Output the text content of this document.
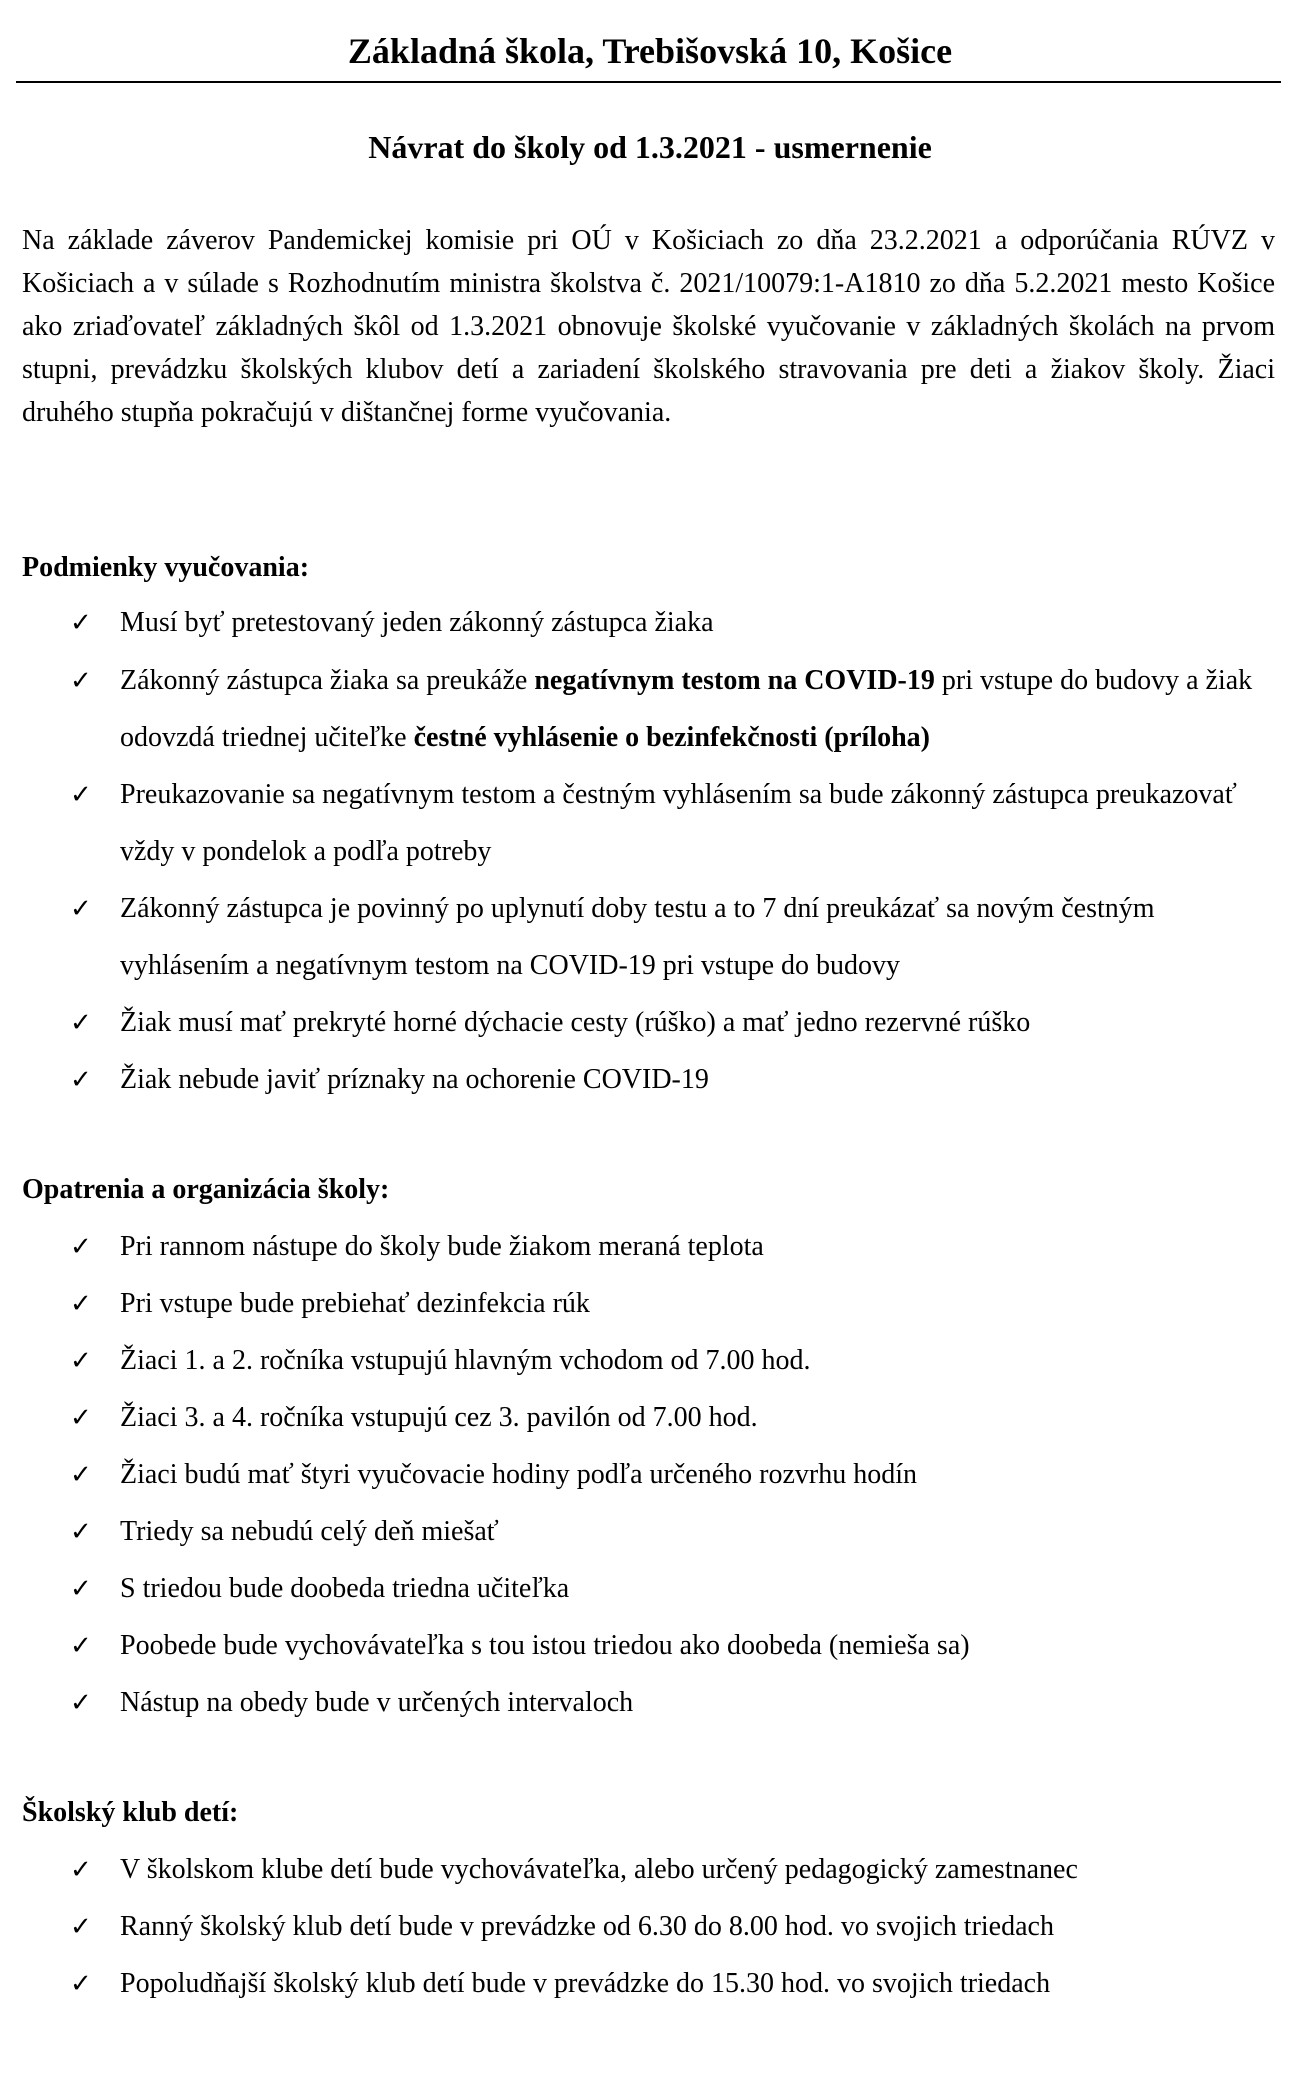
Základná škola, Trebišovská 10, Košice
Návrat do školy od 1.3.2021 - usmernenie
Na základe záverov Pandemickej komisie pri OÚ v Košiciach zo dňa 23.2.2021 a odporúčania RÚVZ v Košiciach a v súlade s Rozhodnutím ministra školstva č. 2021/10079:1-A1810 zo dňa 5.2.2021 mesto Košice ako zriaďovateľ základných škôl od 1.3.2021 obnovuje školské vyučovanie v základných školách na prvom stupni, prevádzku školských klubov detí a zariadení školského stravovania pre deti a žiakov školy. Žiaci druhého stupňa pokračujú v dištančnej forme vyučovania.
Podmienky vyučovania:
✓ Musí byť pretestovaný jeden zákonný zástupca žiaka
✓ Zákonný zástupca žiaka sa preukáže negatívnym testom na COVID-19 pri vstupe do budovy a žiak odovzdá triednej učiteľke čestné vyhlásenie o bezinfekčnosti (príloha)
✓ Preukazovanie sa negatívnym testom a čestným vyhlásením sa bude zákonný zástupca preukazovať vždy v pondelok a podľa potreby
✓ Zákonný zástupca je povinný po uplynutí doby testu a to 7 dní preukázať sa novým čestným vyhlásením a negatívnym testom na COVID-19 pri vstupe do budovy
✓ Žiak musí mať prekryté horné dýchacie cesty (rúško) a mať jedno rezervné rúško
✓ Žiak nebude javiť príznaky na ochorenie COVID-19
Opatrenia a organizácia školy:
✓ Pri rannom nástupe do školy bude žiakom meraná teplota
✓ Pri vstupe bude prebiehať dezinfekcia rúk
✓ Žiaci 1. a 2. ročníka vstupujú hlavným vchodom od 7.00 hod.
✓ Žiaci 3. a 4. ročníka vstupujú cez 3. pavilón od 7.00 hod.
✓ Žiaci budú mať štyri vyučovacie hodiny podľa určeného rozvrhu hodín
✓ Triedy sa nebudú celý deň miešať
✓ S triedou bude doobeda triedna učiteľka
✓ Poobede bude vychovávateľka s tou istou triedou ako doobeda (nemieša sa)
✓ Nástup na obedy bude v určených intervaloch
Školský klub detí:
✓ V školskom klube detí bude vychovávateľka, alebo určený pedagogický zamestnanec
✓ Ranný školský klub detí bude v prevádzke od 6.30 do 8.00 hod. vo svojich triedach
✓ Popoludňajší školský klub detí bude v prevádzke do 15.30 hod. vo svojich triedach
